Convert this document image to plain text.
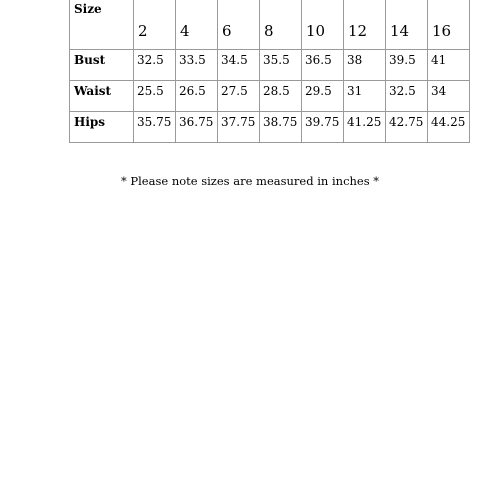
Size	2	4	6	8	10	12	14	16
Bust	32.5	33.5	34.5	35.5	36.5	38	39.5	41
Waist	25.5	26.5	27.5	28.5	29.5	31	32.5	34
Hips	35.75	36.75	37.75	38.75	39.75	41.25	42.75	44.25
* Please note sizes are measured in inches *
